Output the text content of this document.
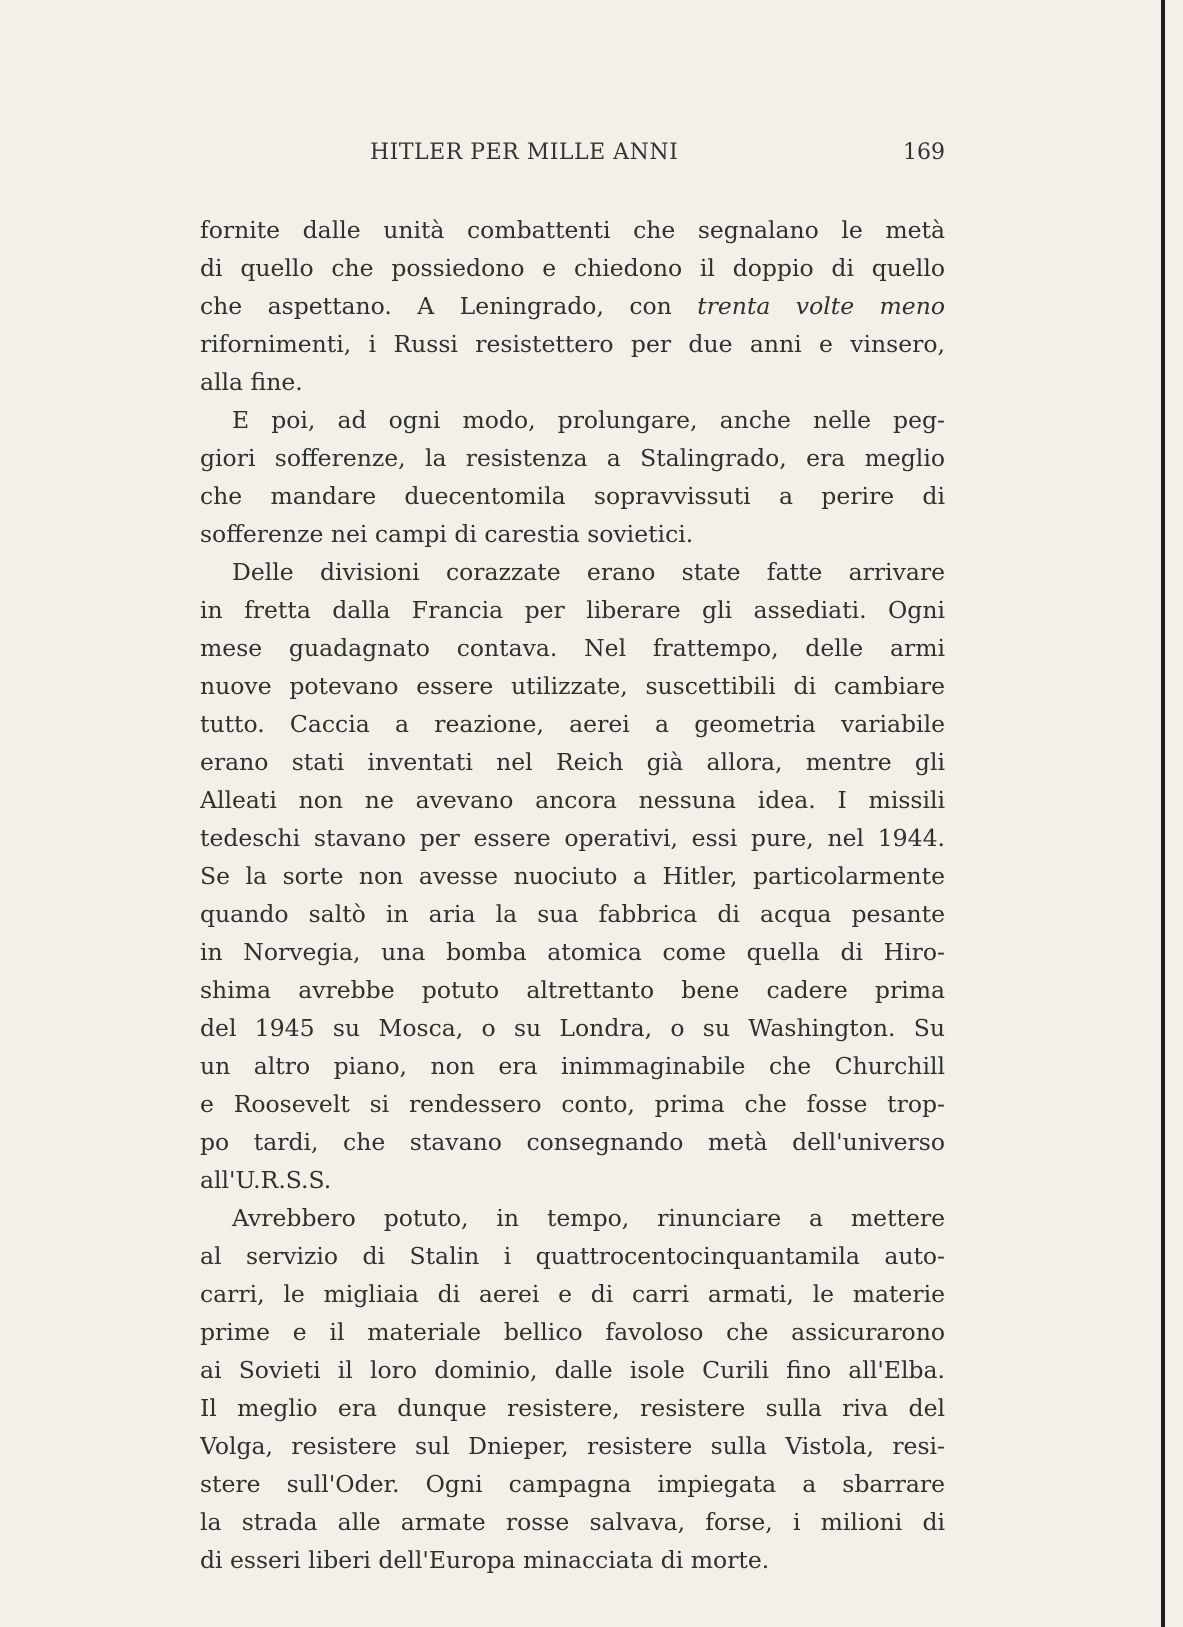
HITLER PER MILLE ANNI	169
fornite dalle unità combattenti che segnalano le metà
di quello che possiedono e chiedono il doppio di quello
che aspettano. A Leningrado, con trenta volte meno
rifornimenti, i Russi resistettero per due anni e vinsero,
alla fine.
E poi, ad ogni modo, prolungare, anche nelle peg-
giori sofferenze, la resistenza a Stalingrado, era meglio
che mandare duecentomila sopravvissuti a perire di
sofferenze nei campi di carestia sovietici.
Delle divisioni corazzate erano state fatte arrivare
in fretta dalla Francia per liberare gli assediati. Ogni
mese guadagnato contava. Nel frattempo, delle armi
nuove potevano essere utilizzate, suscettibili di cambiare
tutto. Caccia a reazione, aerei a geometria variabile
erano stati inventati nel Reich già allora, mentre gli
Alleati non ne avevano ancora nessuna idea. I missili
tedeschi stavano per essere operativi, essi pure, nel 1944.
Se la sorte non avesse nuociuto a Hitler, particolarmente
quando saltò in aria la sua fabbrica di acqua pesante
in Norvegia, una bomba atomica come quella di Hiro-
shima avrebbe potuto altrettanto bene cadere prima
del 1945 su Mosca, o su Londra, o su Washington. Su
un altro piano, non era inimmaginabile che Churchill
e Roosevelt si rendessero conto, prima che fosse trop-
po tardi, che stavano consegnando metà dell'universo
all'U.R.S.S.
Avrebbero potuto, in tempo, rinunciare a mettere
al servizio di Stalin i quattrocentocinquantamila auto-
carri, le migliaia di aerei e di carri armati, le materie
prime e il materiale bellico favoloso che assicurarono
ai Sovieti il loro dominio, dalle isole Curili fino all'Elba.
Il meglio era dunque resistere, resistere sulla riva del
Volga, resistere sul Dnieper, resistere sulla Vistola, resi-
stere sull'Oder. Ogni campagna impiegata a sbarrare
la strada alle armate rosse salvava, forse, i milioni di
di esseri liberi dell'Europa minacciata di morte.
